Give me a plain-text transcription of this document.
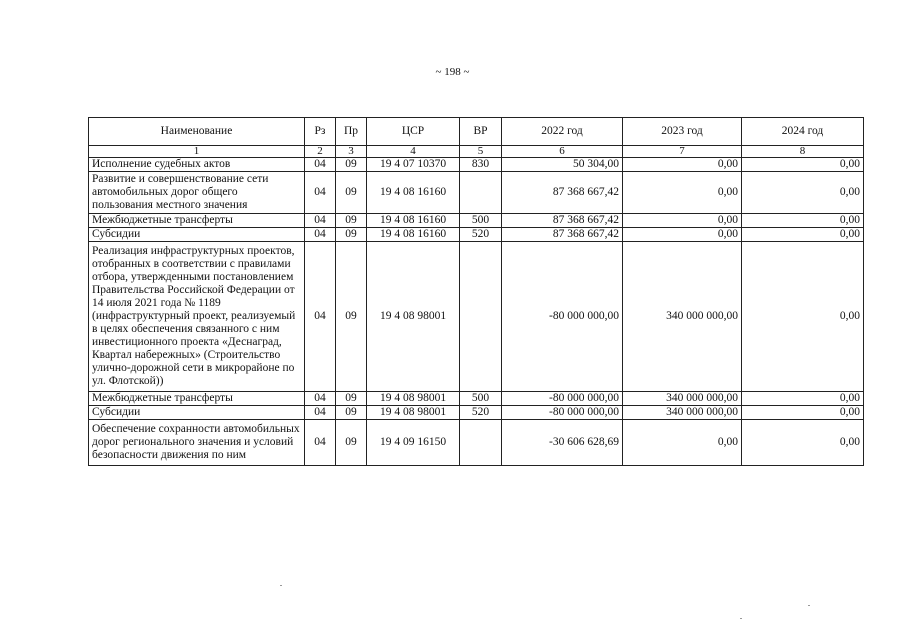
~ 198 ~
Наименование	Рз	Пр	ЦСР	ВР	2022 год	2023 год	2024 год
1	2	3	4	5	6	7	8
Исполнение судебных актов	04	09	19 4 07 10370	830	50 304,00	0,00	0,00
Развитие и совершенствование сети автомобильных дорог общего пользования местного значения	04	09	19 4 08 16160		87 368 667,42	0,00	0,00
Межбюджетные трансферты	04	09	19 4 08 16160	500	87 368 667,42	0,00	0,00
Субсидии	04	09	19 4 08 16160	520	87 368 667,42	0,00	0,00
Реализация инфраструктурных проектов, отобранных в соответствии с правилами отбора, утвержденными постановлением Правительства Российской Федерации от 14 июля 2021 года № 1189 (инфраструктурный проект, реализуемый в целях обеспечения связанного с ним инвестиционного проекта «Деснаград, Квартал набережных» (Строительство улично-дорожной сети в микрорайоне по ул. Флотской))	04	09	19 4 08 98001		-80 000 000,00	340 000 000,00	0,00
Межбюджетные трансферты	04	09	19 4 08 98001	500	-80 000 000,00	340 000 000,00	0,00
Субсидии	04	09	19 4 08 98001	520	-80 000 000,00	340 000 000,00	0,00
Обеспечение сохранности автомобильных дорог регионального значения и условий безопасности движения по ним	04	09	19 4 09 16150		-30 606 628,69	0,00	0,00
